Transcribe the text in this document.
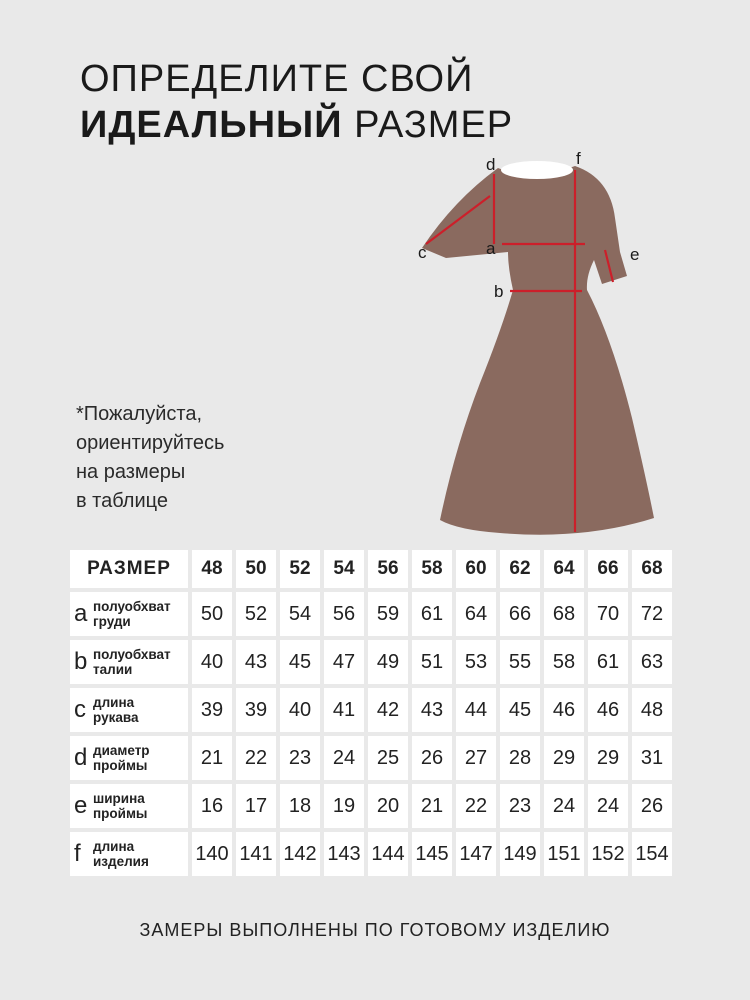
ОПРЕДЕЛИТЕ СВОЙ
ИДЕАЛЬНЫЙ РАЗМЕР
*Пожалуйста,
ориентируйтесь
на размеры
в таблице
d	f
c	a	e
b
РАЗМЕР	48	50	52	54	56	58	60	62	64	66	68

a полуобхват
груди	50	52	54	56	59	61	64	66	68	70	72

b полуобхват
талии	40	43	45	47	49	51	53	55	58	61	63

c длина
рукава	39	39	40	41	42	43	44	45	46	46	48

d диаметр
проймы	21	22	23	24	25	26	27	28	29	29	31

e ширина
проймы	16	17	18	19	20	21	22	23	24	24	26

f длина
изделия	140	141	142	143	144	145	147	149	151	152	154
ЗАМЕРЫ ВЫПОЛНЕНЫ ПО ГОТОВОМУ ИЗДЕЛИЮ
